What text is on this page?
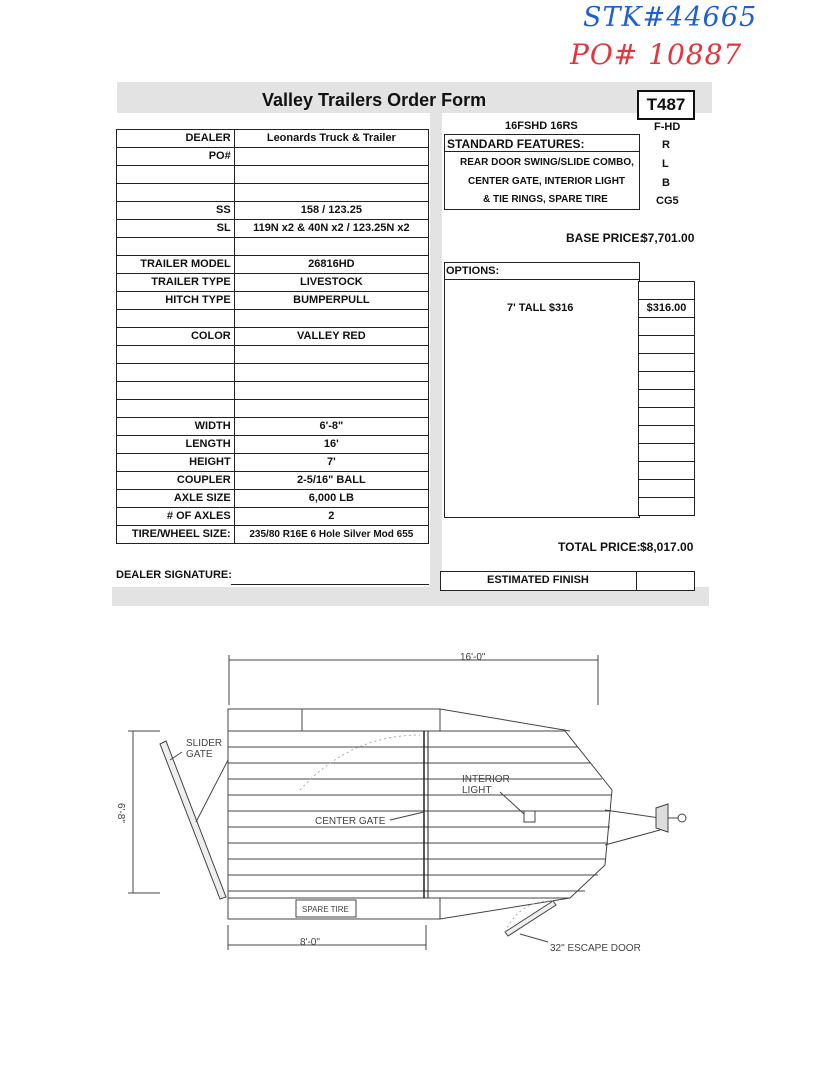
STK#44665
PO# 10887
Valley Trailers Order Form	T487
DEALER	Leonards Truck & Trailer
PO#	

SS	158 / 123.25
SL	119N x2 & 40N x2 / 123.25N x2

TRAILER MODEL	26816HD
TRAILER TYPE	LIVESTOCK
HITCH TYPE	BUMPERPULL

COLOR	VALLEY RED

WIDTH	6'-8"
LENGTH	16'
HEIGHT	7'
COUPLER	2-5/16" BALL
AXLE SIZE	6,000 LB
# OF AXLES	2
TIRE/WHEEL SIZE:	235/80 R16E 6 Hole Silver Mod 655
DEALER SIGNATURE:
16FSHD 16RS	F-HD
STANDARD FEATURES:
REAR DOOR SWING/SLIDE COMBO,
CENTER GATE, INTERIOR LIGHT
& TIE RINGS, SPARE TIRE
R
L
B
CG5
BASE PRICE:
$7,701.00
OPTIONS:
7' TALL $316	$316.00

TOTAL PRICE: $8,017.00
ESTIMATED FINISH
16'-0"
6'-8"
8'-0"
SLIDER
GATE
CENTER GATE
INTERIOR
LIGHT
SPARE TIRE
32" ESCAPE DOOR
